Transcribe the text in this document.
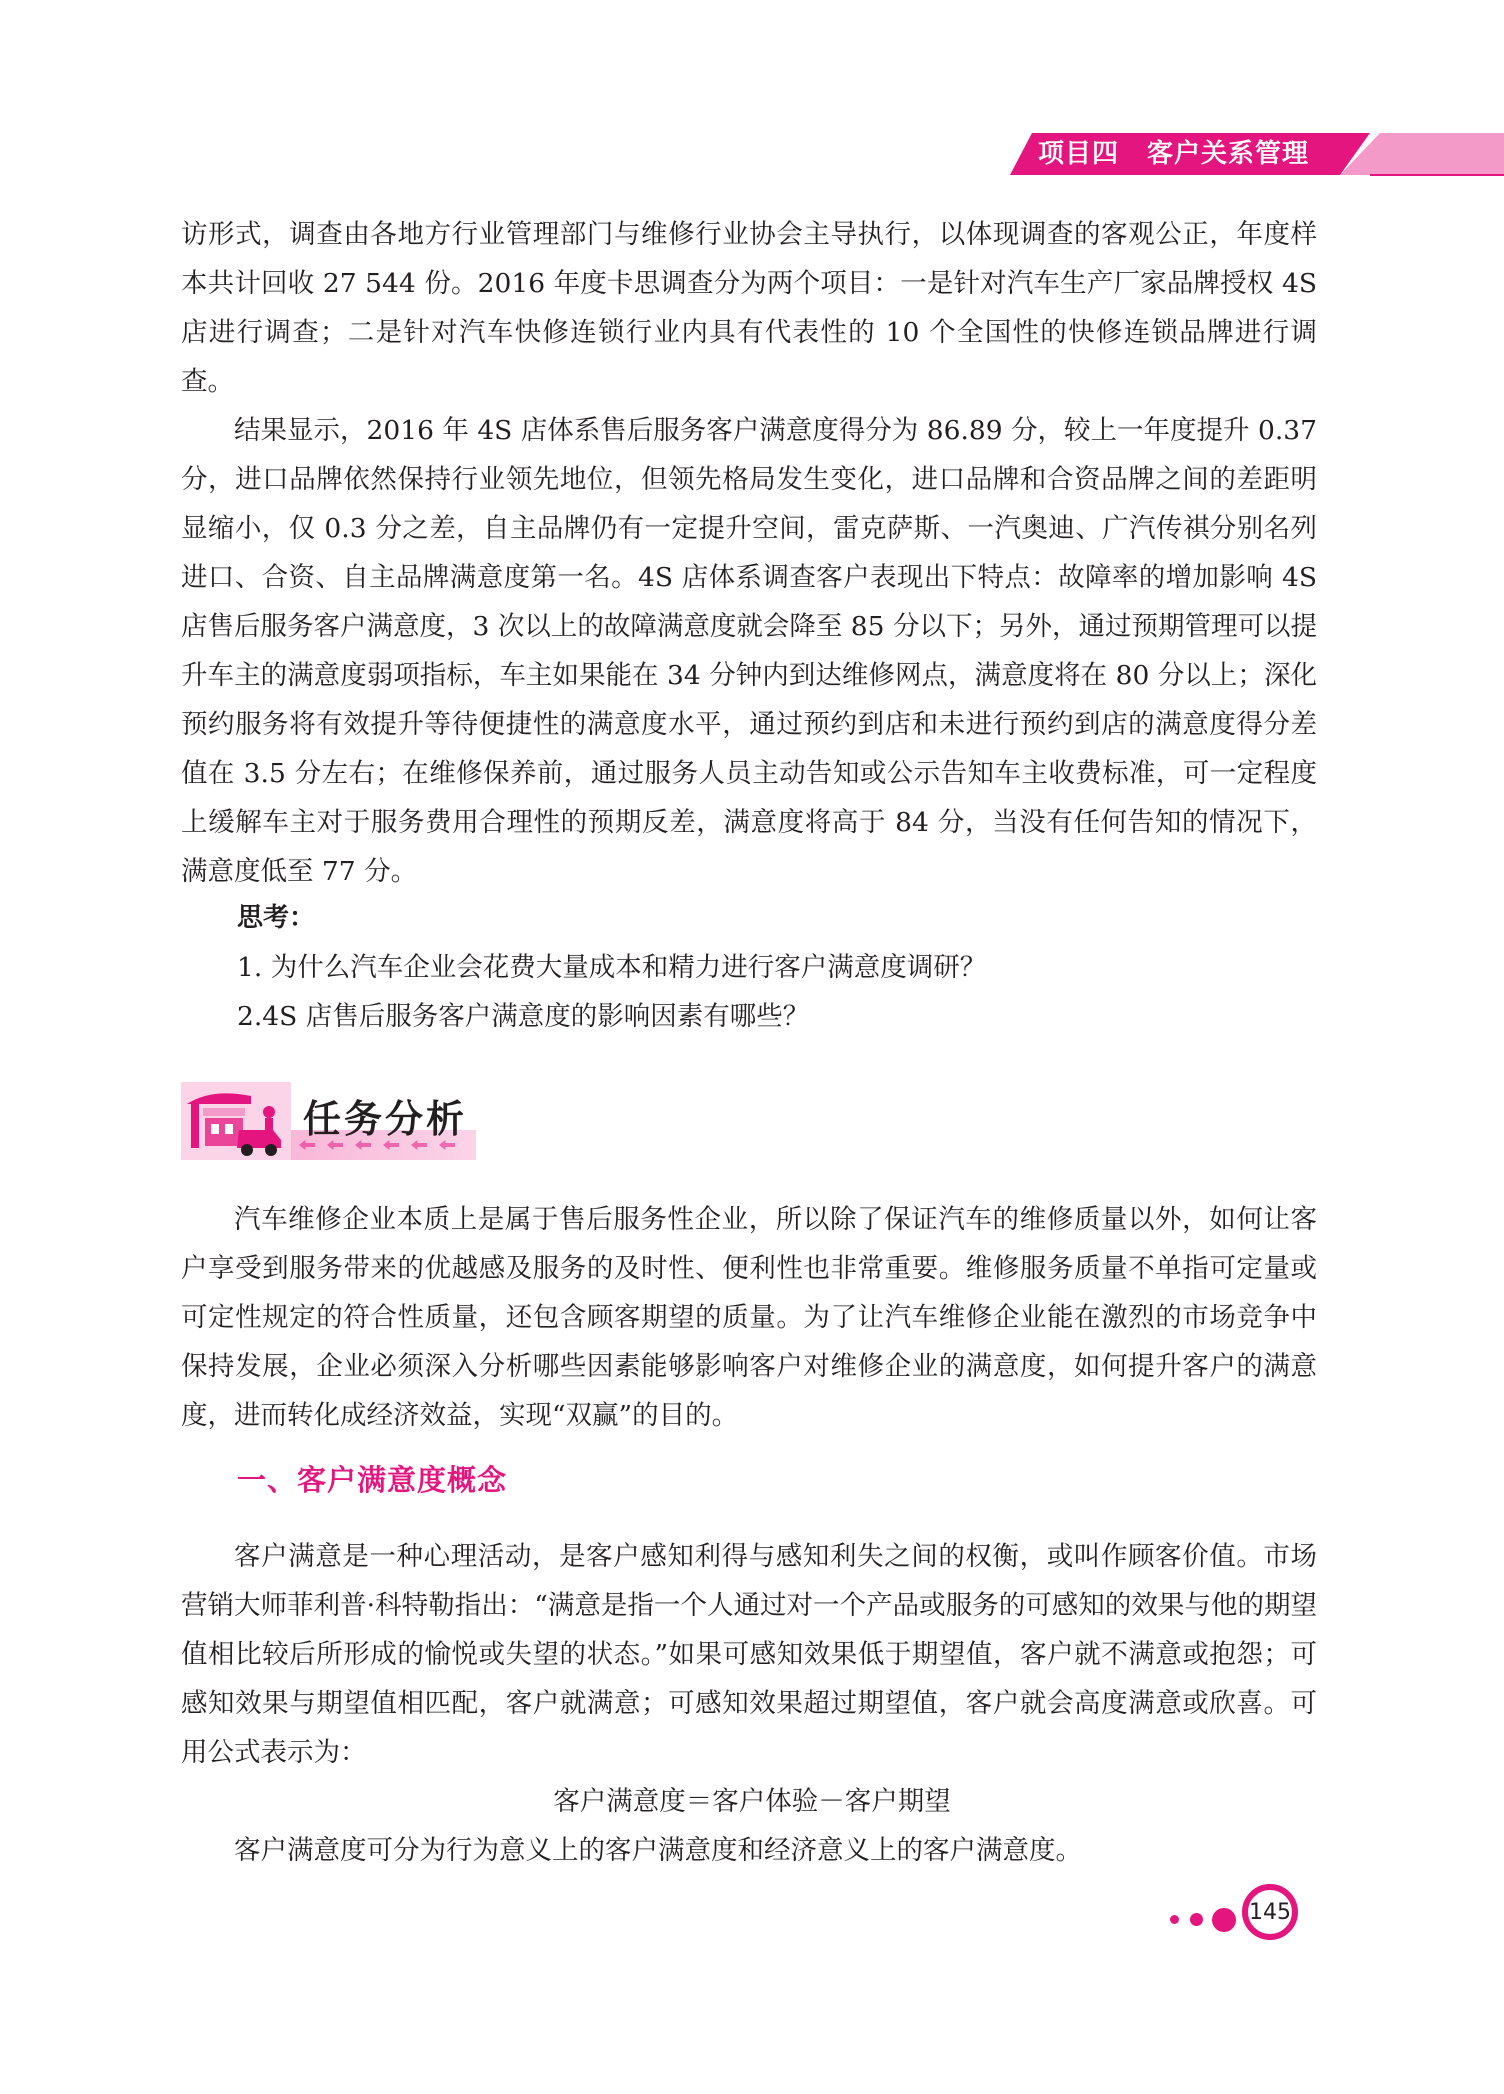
项目四 客户关系管理

访形式，调查由各地方行业管理部门与维修行业协会主导执行，以体现调查的客观公正，年度样本共计回收 27 544 份。2016 年度卡思调查分为两个项目：一是针对汽车生产厂家品牌授权 4S 店进行调查；二是针对汽车快修连锁行业内具有代表性的 10 个全国性的快修连锁品牌进行调查。

结果显示，2016 年 4S 店体系售后服务客户满意度得分为 86.89 分，较上一年度提升 0.37 分，进口品牌依然保持行业领先地位，但领先格局发生变化，进口品牌和合资品牌之间的差距明显缩小，仅 0.3 分之差，自主品牌仍有一定提升空间，雷克萨斯、一汽奥迪、广汽传祺分别名列进口、合资、自主品牌满意度第一名。4S 店体系调查客户表现出下特点：故障率的增加影响 4S 店售后服务客户满意度，3 次以上的故障满意度就会降至 85 分以下；另外，通过预期管理可以提升车主的满意度弱项指标，车主如果能在 34 分钟内到达维修网点，满意度将在 80 分以上；深化预约服务将有效提升等待便捷性的满意度水平，通过预约到店和未进行预约到店的满意度得分差值在 3.5 分左右；在维修保养前，通过服务人员主动告知或公示告知车主收费标准，可一定程度上缓解车主对于服务费用合理性的预期反差，满意度将高于 84 分，当没有任何告知的情况下，满意度低至 77 分。

思考：
1. 为什么汽车企业会花费大量成本和精力进行客户满意度调研？
2.4S 店售后服务客户满意度的影响因素有哪些？
任务分析

汽车维修企业本质上是属于售后服务性企业，所以除了保证汽车的维修质量以外，如何让客户享受到服务带来的优越感及服务的及时性、便利性也非常重要。维修服务质量不单指可定量或可定性规定的符合性质量，还包含顾客期望的质量。为了让汽车维修企业能在激烈的市场竞争中保持发展，企业必须深入分析哪些因素能够影响客户对维修企业的满意度，如何提升客户的满意度，进而转化成经济效益，实现“双赢”的目的。

一、客户满意度概念

客户满意是一种心理活动，是客户感知利得与感知利失之间的权衡，或叫作顾客价值。市场营销大师菲利普·科特勒指出：“满意是指一个人通过对一个产品或服务的可感知的效果与他的期望值相比较后所形成的愉悦或失望的状态。”如果可感知效果低于期望值，客户就不满意或抱怨；可感知效果与期望值相匹配，客户就满意；可感知效果超过期望值，客户就会高度满意或欣喜。可用公式表示为：

客户满意度＝客户体验－客户期望

客户满意度可分为行为意义上的客户满意度和经济意义上的客户满意度。

145
